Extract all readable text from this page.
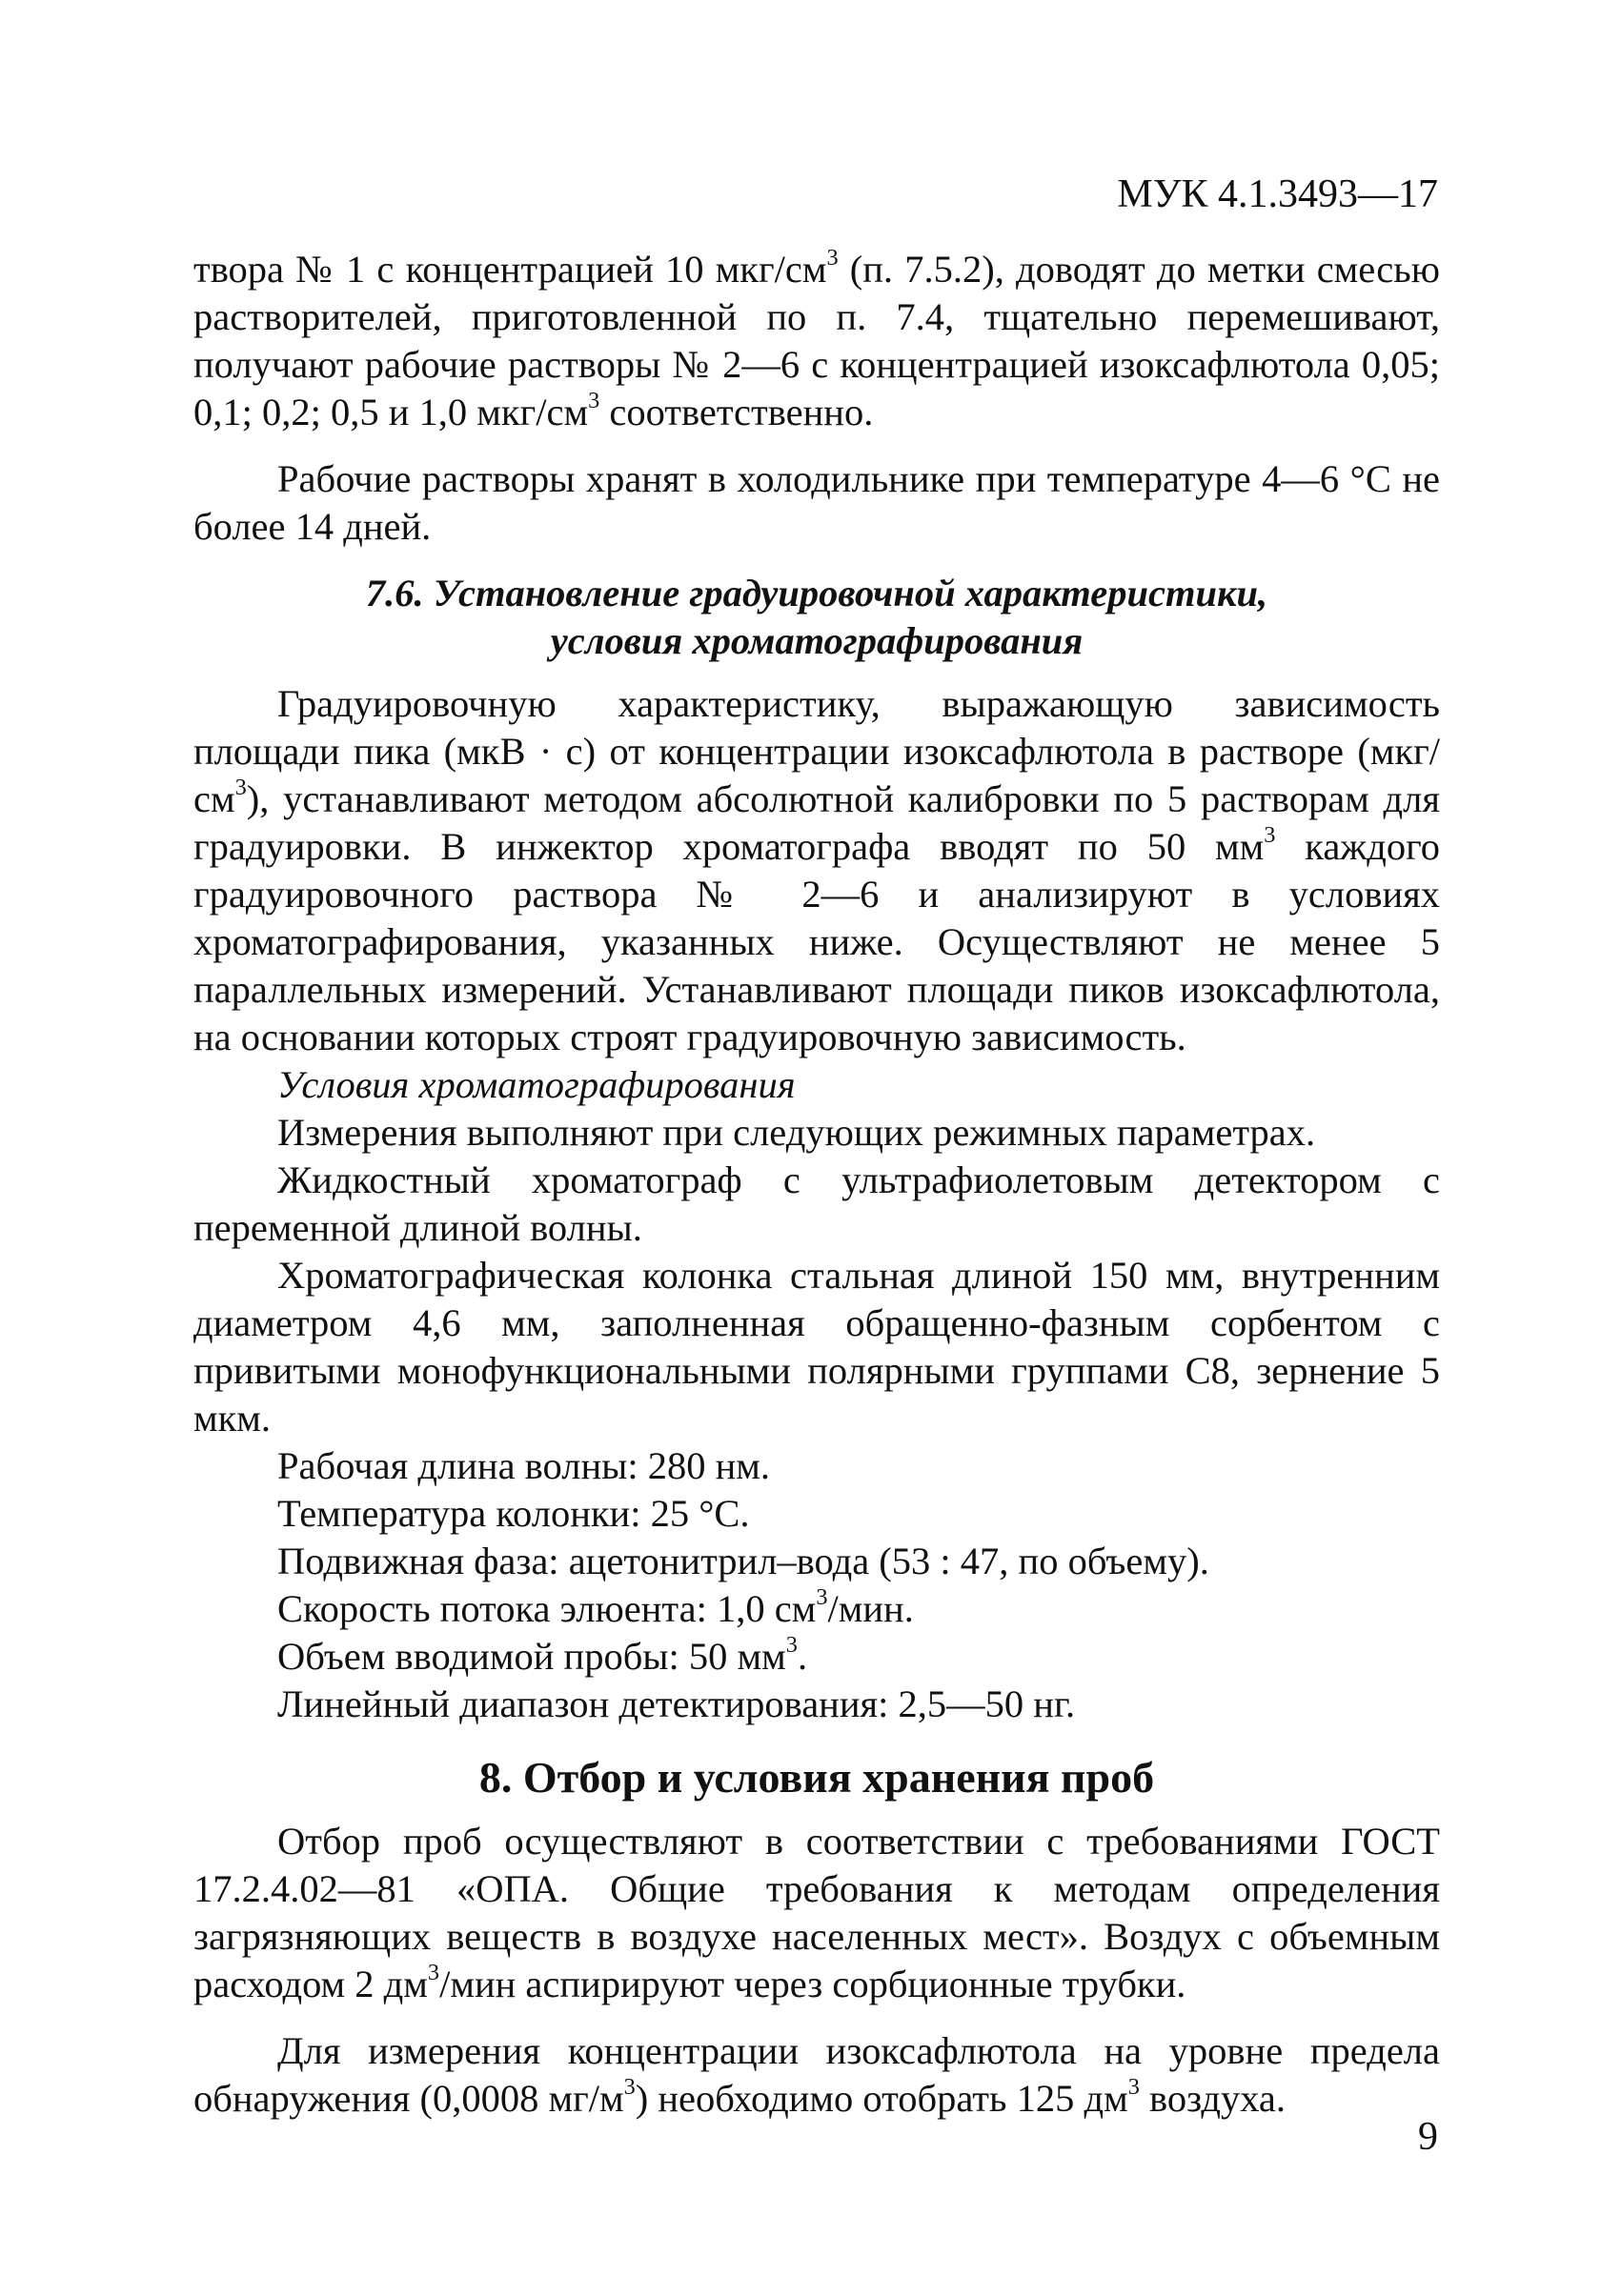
МУК 4.1.3493—17

твора № 1 с концентрацией 10 мкг/$см^3$ (п. 7.5.2), доводят до метки смесью растворителей, приготовленной по п. 7.4, тщательно перемешивают, получают рабочие растворы № 2—6 с концентрацией изоксафлютола 0,05; 0,1; 0,2; 0,5 и 1,0 мкг/$см^3$ соответственно.

Рабочие растворы хранят в холодильнике при температуре 4—6 °С не более 14 дней.

7.6. Установление градуировочной характеристики,
условия хроматографирования

Градуировочную характеристику, выражающую зависимость площади пика (мкВ · с) от концентрации изоксафлютола в растворе $(мкг/см^3)$, устанавливают методом абсолютной калибровки по 5 растворам для градуировки. В инжектор хроматографа вводят по 50 $мм^3$ каждого градуировочного раствора № 2—6 и анализируют в условиях хроматографирования, указанных ниже. Осуществляют не менее 5 параллельных измерений. Устанавливают площади пиков изоксафлютола, на основании которых строят градуировочную зависимость.

Условия хроматографирования

Измерения выполняют при следующих режимных параметрах.

Жидкостный хроматограф с ультрафиолетовым детектором с переменной длиной волны.

Хроматографическая колонка стальная длиной 150 мм, внутренним диаметром 4,6 мм, заполненная обращенно-фазным сорбентом с привитыми монофункциональными полярными группами С8, зернение 5 мкм.

Рабочая длина волны: 280 нм.

Температура колонки: 25 °С.

Подвижная фаза: ацетонитрил–вода (53 : 47, по объему).

Скорость потока элюента: 1,0 $см^3$/мин.

Объем вводимой пробы: 50 $мм^3$.

Линейный диапазон детектирования: 2,5—50 нг.

8. Отбор и условия хранения проб

Отбор проб осуществляют в соответствии с требованиями ГОСТ 17.2.4.02—81 «ОПА. Общие требования к методам определения загрязняющих веществ в воздухе населенных мест». Воздух с объемным расходом 2 $дм^3$/мин аспирируют через сорбционные трубки.

Для измерения концентрации изоксафлютола на уровне предела обнаружения (0,0008 $мг/м^3$) необходимо отобрать 125 $дм^3$ воздуха.

9
